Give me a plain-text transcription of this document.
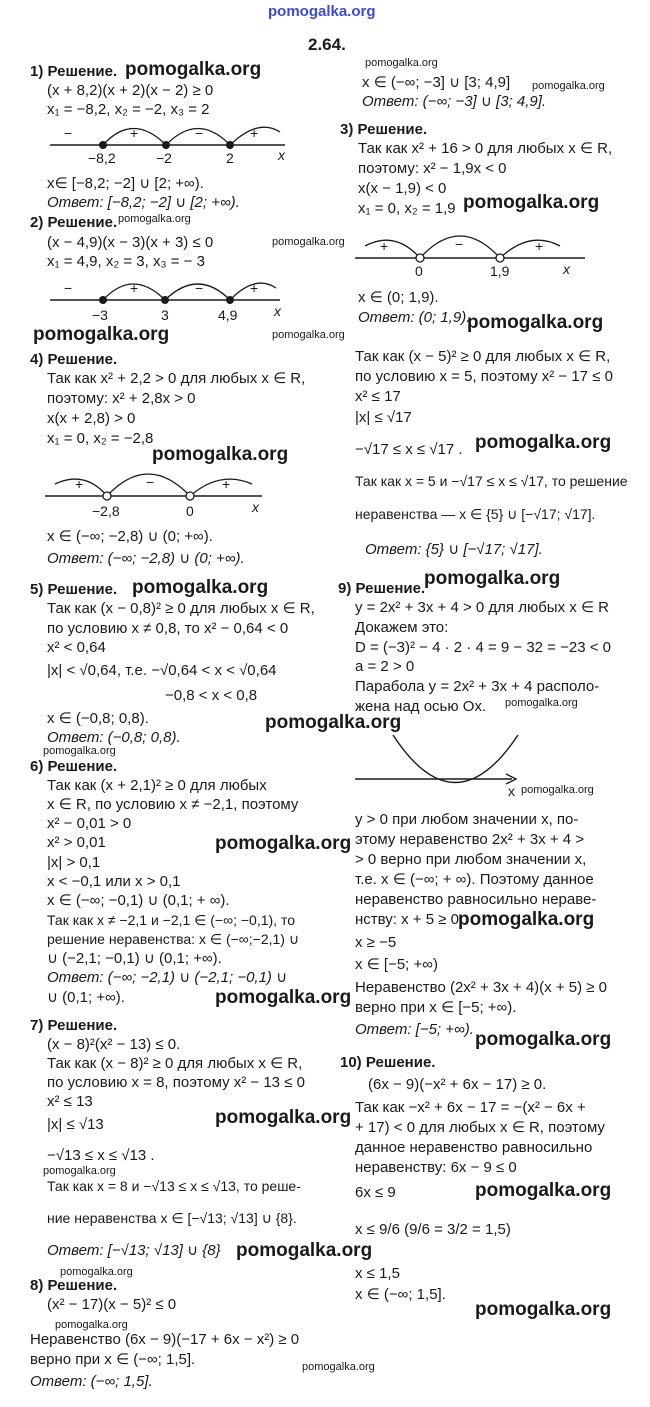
pomogalka.org
2.64.
1) Решение.
(x + 8,2)(x + 2)(x − 2) ≥ 0
x₁ = −8,2, x₂ = −2, x₃ = 2
−	+	−	+
−8,2	−2	2	x
x∈ [−8,2; −2] ∪ [2; +∞).
Ответ: [−8,2; −2] ∪ [2; +∞).
2) Решение.
(x − 4,9)(x − 3)(x + 3) ≤ 0
x₁ = 4,9, x₂ = 3, x₃ = − 3
−	+	−	+
−3	3	4,9	x
4) Решение.
Так как x² + 2,2 > 0 для любых x ∈ R,
поэтому: x² + 2,8x > 0
x(x + 2,8) > 0
x₁ = 0, x₂ = −2,8
+	−	+
−2,8	0	x
x ∈ (−∞; −2,8) ∪ (0; +∞).
Ответ: (−∞; −2,8) ∪ (0; +∞).
5) Решение.
Так как (x − 0,8)² ≥ 0 для любых x ∈ R,
по условию x ≠ 0,8, то x² − 0,64 < 0
x² < 0,64
|x| < √0,64, т.е. −√0,64 < x < √0,64
−0,8 < x < 0,8
x ∈ (−0,8; 0,8).
Ответ: (−0,8; 0,8).
6) Решение.
Так как (x + 2,1)² ≥ 0 для любых
x ∈ R, по условию x ≠ −2,1, поэтому
x² − 0,01 > 0
x² > 0,01
|x| > 0,1
x < −0,1 или x > 0,1
x ∈ (−∞; −0,1) ∪ (0,1; + ∞).
Так как x ≠ −2,1 и −2,1 ∈ (−∞; −0,1), то
решение неравенства: x ∈ (−∞;−2,1) ∪
∪ (−2,1; −0,1) ∪ (0,1; +∞).
Ответ: (−∞; −2,1) ∪ (−2,1; −0,1) ∪
∪ (0,1; +∞).
7) Решение.
(x − 8)²(x² − 13) ≤ 0.
Так как (x − 8)² ≥ 0 для любых x ∈ R,
по условию x = 8, поэтому x² − 13 ≤ 0
x² ≤ 13
|x| ≤ √13
−√13 ≤ x ≤ √13 .
Так как x = 8 и −√13 ≤ x ≤ √13, то реше-
ние неравенства x ∈ [−√13; √13] ∪ {8}.
Ответ: [−√13; √13] ∪ {8}
8) Решение.
(x² − 17)(x − 5)² ≤ 0
Неравенство (6x − 9)(−17 + 6x − x²) ≥ 0
верно при x ∈ (−∞; 1,5].
Ответ: (−∞; 1,5].
x ∈ (−∞; −3] ∪ [3; 4,9]
Ответ: (−∞; −3] ∪ [3; 4,9].
3) Решение.
Так как x² + 16 > 0 для любых x ∈ R,
поэтому: x² − 1,9x < 0
x(x − 1,9) < 0
x₁ = 0, x₂ = 1,9
+	−	+
0	1,9	x
x ∈ (0; 1,9).
Ответ: (0; 1,9).
Так как (x − 5)² ≥ 0 для любых x ∈ R,
по условию x = 5, поэтому x² − 17 ≤ 0
x² ≤ 17
|x| ≤ √17
−√17 ≤ x ≤ √17 .
Так как x = 5 и −√17 ≤ x ≤ √17, то решение
неравенства — x ∈ {5} ∪ [−√17; √17].
Ответ: {5} ∪ [−√17; √17].
9) Решение.
y = 2x² + 3x + 4 > 0 для любых x ∈ R
Докажем это:
D = (−3)² − 4 · 2 · 4 = 9 − 32 = −23 < 0
a = 2 > 0
Парабола y = 2x² + 3x + 4 располо-
жена над осью Ox.
x
y > 0 при любом значении x, по-
этому неравенство 2x² + 3x + 4 >
> 0 верно при любом значении x,
т.е. x ∈ (−∞; + ∞). Поэтому данное
неравенство равносильно нераве-
нству: x + 5 ≥ 0
x ≥ −5
x ∈ [−5; +∞)
Неравенство (2x² + 3x + 4)(x + 5) ≥ 0
верно при x ∈ [−5; +∞).
Ответ: [−5; +∞).
10) Решение.
(6x − 9)(−x² + 6x − 17) ≥ 0.
Так как −x² + 6x − 17 = −(x² − 6x +
+ 17) < 0 для любых x ∈ R, поэтому
данное неравенство равносильно
неравенству: 6x − 9 ≤ 0
6x ≤ 9
x ≤ 9/6 (9/6 = 3/2 = 1,5)
x ≤ 1,5
x ∈ (−∞; 1,5].
pomogalka.org	pomogalka.org
pomogalka.org
pomogalka.org
pomogalka.org
pomogalka.org
pomogalka.org	pomogalka.org
pomogalka.org
pomogalka.org
pomogalka.org
pomogalka.org	pomogalka.org
pomogalka.org
pomogalka.org
pomogalka.org
pomogalka.org
pomogalka.org
pomogalka.org
pomogalka.org
pomogalka.org
pomogalka.org
pomogalka.org
pomogalka.org
pomogalka.org
pomogalka.org
pomogalka.org
pomogalka.org
pomogalka.org
